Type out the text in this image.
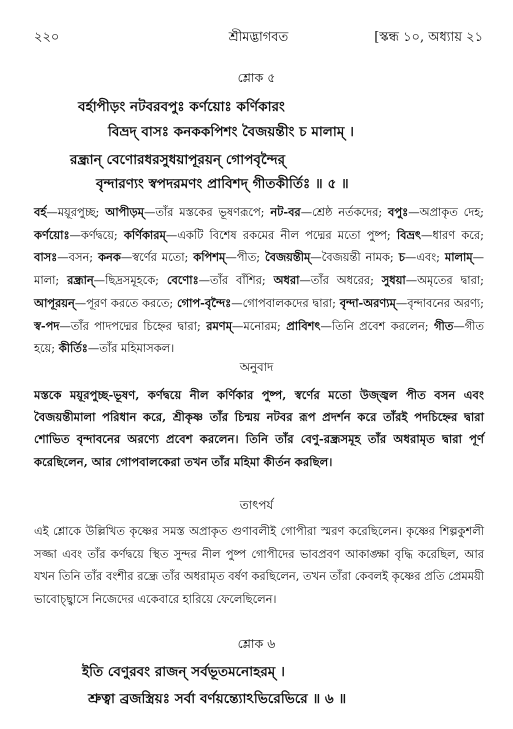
২২০	শ্রীমদ্ভাগবত	[স্কন্ধ ১০, অধ্যায় ২১
শ্লোক ৫
বর্হাপীড়ং নটবরবপুঃ কর্ণয়োঃ কর্ণিকারং
বিভ্রদ্ বাসঃ কনককপিশং বৈজয়ন্তীং চ মালাম্ ।
রন্ধ্রান্ বেণোরধরসুধয়াপূরয়ন্ গোপবৃন্দৈর্
বৃন্দারণ্যং স্বপদরমণং প্রাবিশদ্ গীতকীর্তিঃ ॥ ৫ ॥

বর্হ—ময়ূরপুচ্ছ; আপীড়ম্—তাঁর মস্তকের ভূষণরূপে; নট-বর—শ্রেষ্ঠ নর্তকদের; বপুঃ—অপ্রাকৃত দেহ; কর্ণয়োঃ—কর্ণদ্বয়ে; কর্ণিকারম্—একটি বিশেষ রকমের নীল পদ্মের মতো পুষ্প; বিভ্রৎ—ধারণ করে; বাসঃ—বসন; কনক—স্বর্ণের মতো; কপিশম্—পীত; বৈজয়ন্তীম্—বৈজয়ন্তী নামক; চ—এবং; মালাম্—মালা; রন্ধ্রান্—ছিদ্রসমূহকে; বেণোঃ—তাঁর বাঁশির; অধরা—তাঁর অধরের; সুধয়া—অমৃতের দ্বারা; আপূরয়ন্—পূরণ করতে করতে; গোপ-বৃন্দৈঃ—গোপবালকদের দ্বারা; বৃন্দা-অরণ্যম্—বৃন্দাবনের অরণ্য; স্ব-পদ—তাঁর পাদপদ্মের চিহ্নের দ্বারা; রমণম্—মনোরম; প্রাবিশৎ—তিনি প্রবেশ করলেন; গীত—গীত হয়ে; কীর্তিঃ—তাঁর মহিমাসকল।

অনুবাদ

মস্তকে ময়ূরপুচ্ছ-ভূষণ, কর্ণদ্বয়ে নীল কর্ণিকার পুষ্প, স্বর্ণের মতো উজ্জ্বল পীত বসন এবং বৈজয়ন্তীমালা পরিধান করে, শ্রীকৃষ্ণ তাঁর চিন্ময় নটবর রূপ প্রদর্শন করে তাঁরই পদচিহ্নের দ্বারা শোভিত বৃন্দাবনের অরণ্যে প্রবেশ করলেন। তিনি তাঁর বেণু-রন্ধ্রসমূহ তাঁর অধরামৃত দ্বারা পূর্ণ করেছিলেন, আর গোপবালকেরা তখন তাঁর মহিমা কীর্তন করছিল।

তাৎপর্য

এই শ্লোকে উল্লিখিত কৃষ্ণের সমস্ত অপ্রাকৃত গুণাবলীই গোপীরা স্মরণ করেছিলেন। কৃষ্ণের শিল্পকুশলী সজ্জা এবং তাঁর কর্ণদ্বয়ে স্থিত সুন্দর নীল পুষ্প গোপীদের ভাবপ্রবণ আকাঙ্ক্ষা বৃদ্ধি করেছিল, আর যখন তিনি তাঁর বংশীর রন্ধ্রে তাঁর অধরামৃত বর্ষণ করছিলেন, তখন তাঁরা কেবলই কৃষ্ণের প্রতি প্রেমময়ী ভাবোচ্ছ্বাসে নিজেদের একেবারে হারিয়ে ফেলেছিলেন।

শ্লোক ৬
ইতি বেণুরবং রাজন্ সর্বভূতমনোহরম্ ।
শ্রুত্বা ব্রজস্ত্রিয়ঃ সর্বা বর্ণয়ন্ত্যোঽভিরেভিরে ॥ ৬ ॥
